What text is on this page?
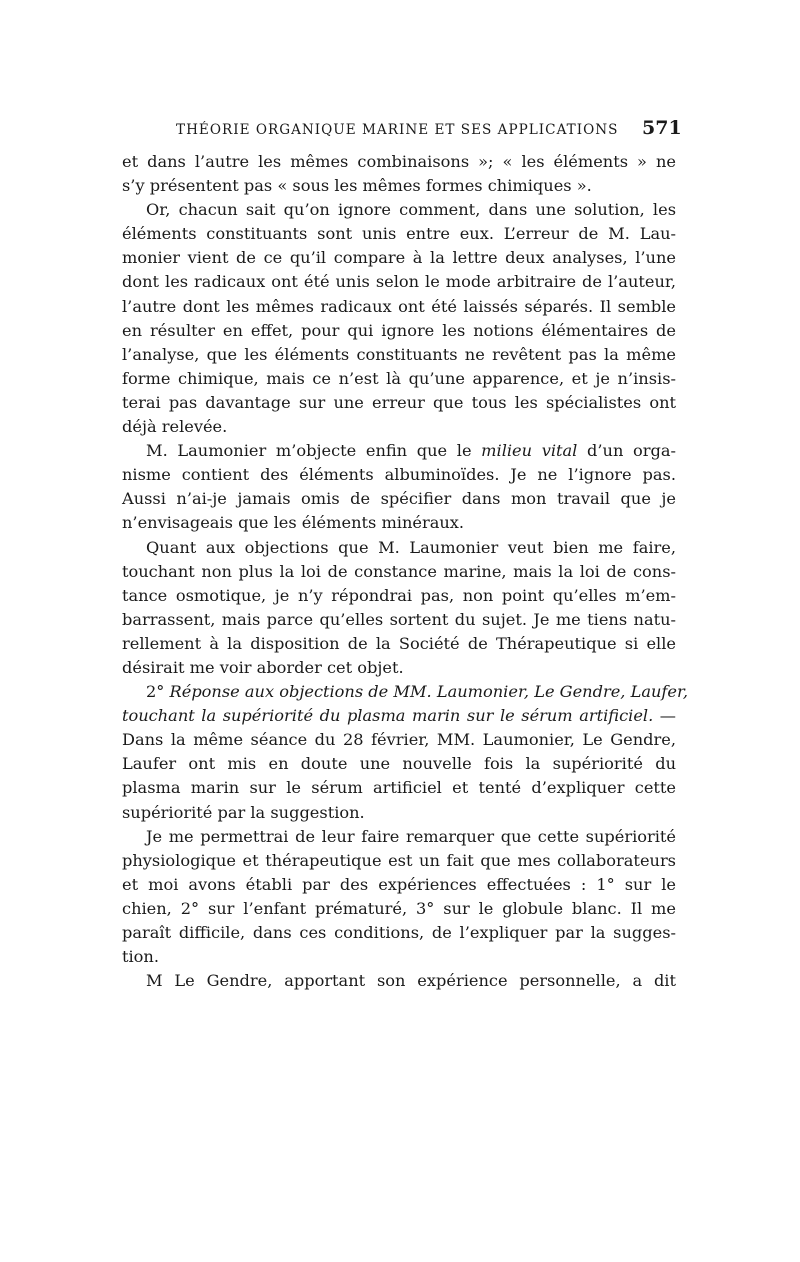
THÉORIE ORGANIQUE MARINE ET SES APPLICATIONS	571
et dans l’autre les mêmes combinaisons »; « les éléments » ne
s’y présentent pas « sous les mêmes formes chimiques ».
Or, chacun sait qu’on ignore comment, dans une solution, les
éléments constituants sont unis entre eux. L’erreur de M. Lau-
monier vient de ce qu’il compare à la lettre deux analyses, l’une
dont les radicaux ont été unis selon le mode arbitraire de l’auteur,
l’autre dont les mêmes radicaux ont été laissés séparés. Il semble
en résulter en effet, pour qui ignore les notions élémentaires de
l’analyse, que les éléments constituants ne revêtent pas la même
forme chimique, mais ce n’est là qu’une apparence, et je n’insis-
terai pas davantage sur une erreur que tous les spécialistes ont
déjà relevée.
M. Laumonier m’objecte enfin que le milieu vital d’un orga-
nisme contient des éléments albuminoïdes. Je ne l’ignore pas.
Aussi n’ai-je jamais omis de spécifier dans mon travail que je
n’envisageais que les éléments minéraux.
Quant aux objections que M. Laumonier veut bien me faire,
touchant non plus la loi de constance marine, mais la loi de cons-
tance osmotique, je n’y répondrai pas, non point qu’elles m’em-
barrassent, mais parce qu’elles sortent du sujet. Je me tiens natu-
rellement à la disposition de la Société de Thérapeutique si elle
désirait me voir aborder cet objet.
2° Réponse aux objections de MM. Laumonier, Le Gendre, Laufer,
touchant la supériorité du plasma marin sur le sérum artificiel. —
Dans la même séance du 28 février, MM. Laumonier, Le Gendre,
Laufer ont mis en doute une nouvelle fois la supériorité du
plasma marin sur le sérum artificiel et tenté d’expliquer cette
supériorité par la suggestion.
Je me permettrai de leur faire remarquer que cette supériorité
physiologique et thérapeutique est un fait que mes collaborateurs
et moi avons établi par des expériences effectuées : 1° sur le
chien, 2° sur l’enfant prématuré, 3° sur le globule blanc. Il me
paraît difficile, dans ces conditions, de l’expliquer par la sugges-
tion.
M Le Gendre, apportant son expérience personnelle, a dit
